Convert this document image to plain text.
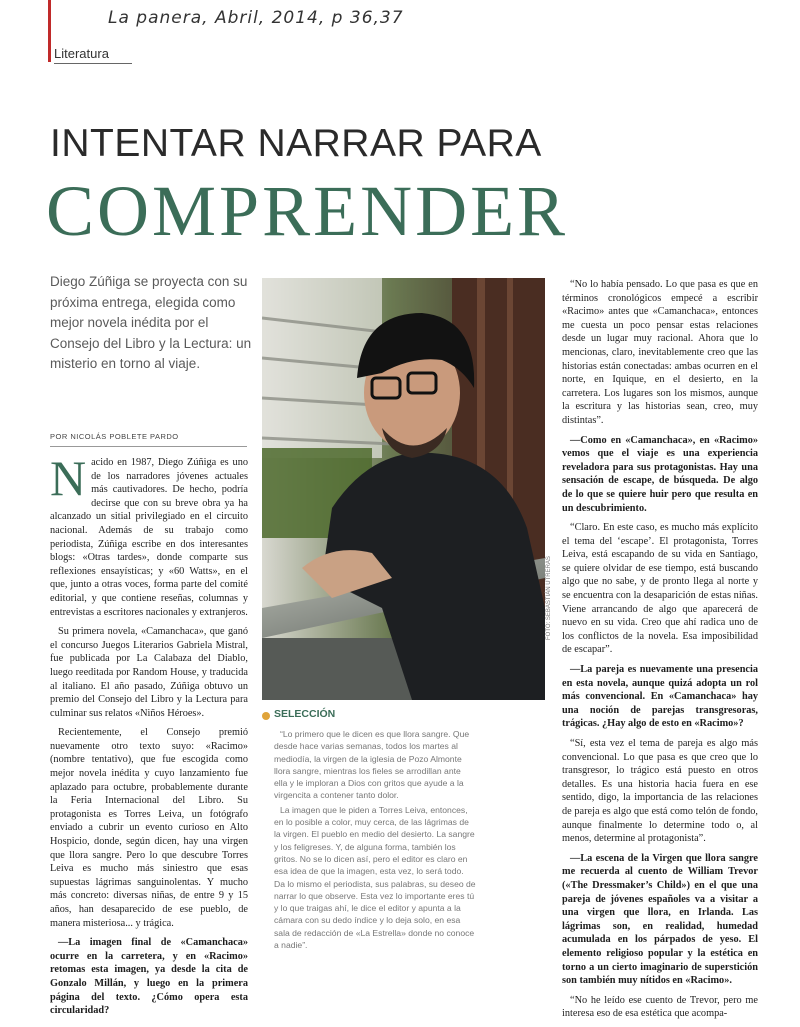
La panera, Abril, 2014, p 36,37
Literatura
INTENTAR NARRAR PARA
COMPRENDER
Diego Zúñiga se proyecta con su próxima entrega, elegida como mejor novela inédita por el Consejo del Libro y la Lectura: un misterio en torno al viaje.
POR NICOLÁS POBLETE PARDO
N acido en 1987, Diego Zúñiga es uno de los narradores jóvenes actuales más cautivadores. De hecho, podría decirse que con su breve obra ya ha alcanzado un sitial privilegiado en el circuito nacional. Además de su trabajo como periodista, Zúñiga escribe en dos interesantes blogs: «Otras tardes», donde comparte sus reflexiones ensayísticas; y «60 Watts», en el que, junto a otras voces, forma parte del comité editorial, y que contiene reseñas, columnas y entrevistas a escritores nacionales y extranjeros.

Su primera novela, «Camanchaca», que ganó el concurso Juegos Literarios Gabriela Mistral, fue publicada por La Calabaza del Diablo, luego reeditada por Random House, y traducida al italiano. El año pasado, Zúñiga obtuvo un premio del Consejo del Libro y la Lectura para culminar sus relatos «Niños Héroes».

Recientemente, el Consejo premió nuevamente otro texto suyo: «Racimo» (nombre tentativo), que fue escogida como mejor novela inédita y cuyo lanzamiento fue aplazado para octubre, probablemente durante la Feria Internacional del Libro. Su protagonista es Torres Leiva, un fotógrafo enviado a cubrir un evento curioso en Alto Hospicio, donde, según dicen, hay una virgen que llora sangre. Pero lo que descubre Torres Leiva es mucho más siniestro que esas supuestas lágrimas sanguinolentas. Y mucho más concreto: diversas niñas, de entre 9 y 15 años, han desaparecido de ese pueblo, de manera misteriosa... y trágica.

—La imagen final de «Camanchaca» ocurre en la carretera, y en «Racimo» retomas esta imagen, ya desde la cita de Gonzalo Millán, y luego en la primera página del texto. ¿Cómo opera esta circularidad?

FOTO: SEBASTIÁN UTRERAS
SELECCIÓN

“Lo primero que le dicen es que llora sangre. Que desde hace varias semanas, todos los martes al mediodía, la virgen de la iglesia de Pozo Almonte llora sangre, mientras los fieles se arrodillan ante ella y le imploran a Dios con gritos que ayude a la virgencita a contener tanto dolor.

La imagen que le piden a Torres Leiva, entonces, en lo posible a color, muy cerca, de las lágrimas de la virgen. El pueblo en medio del desierto. La sangre y los feligreses. Y, de alguna forma, también los gritos. No se lo dicen así, pero el editor es claro en esa idea de que la imagen, esta vez, lo será todo. Da lo mismo el periodista, sus palabras, su deseo de narrar lo que observe. Esta vez lo importante eres tú y lo que traigas ahí, le dice el editor y apunta a la cámara con su dedo índice y lo deja solo, en esa sala de redacción de «La Estrella» donde no conoce a nadie”.

“No lo había pensado. Lo que pasa es que en términos cronológicos empecé a escribir «Racimo» antes que «Camanchaca», entonces me cuesta un poco pensar estas relaciones desde un lugar muy racional. Ahora que lo mencionas, claro, inevitablemente creo que las historias están conectadas: ambas ocurren en el norte, en Iquique, en el desierto, en la carretera. Los lugares son los mismos, aunque la escritura y las historias sean, creo, muy distintas”.

—Como en «Camanchaca», en «Racimo» vemos que el viaje es una experiencia reveladora para sus protagonistas. Hay una sensación de escape, de búsqueda. De algo de lo que se quiere huir pero que resulta en un descubrimiento.

“Claro. En este caso, es mucho más explícito el tema del ‘escape’. El protagonista, Torres Leiva, está escapando de su vida en Santiago, se quiere olvidar de ese tiempo, está buscando algo que no sabe, y de pronto llega al norte y se encuentra con la desaparición de estas niñas. Viene arrancando de algo que aparecerá de nuevo en su vida. Creo que ahí radica uno de los conflictos de la novela. Esa imposibilidad de escapar”.

—La pareja es nuevamente una presencia en esta novela, aunque quizá adopta un rol más convencional. En «Camanchaca» hay una noción de parejas transgresoras, trágicas. ¿Hay algo de esto en «Racimo»?

“Sí, esta vez el tema de pareja es algo más convencional. Lo que pasa es que creo que lo transgresor, lo trágico está puesto en otros detalles. Es una historia hacia fuera en ese sentido, digo, la importancia de las relaciones de pareja es algo que está como telón de fondo, aunque finalmente lo determine todo o, al menos, determine al protagonista”.

—La escena de la Virgen que llora sangre me recuerda al cuento de William Trevor («The Dressmaker’s Child») en el que una pareja de jóvenes españoles va a visitar a una virgen que llora, en Irlanda. Las lágrimas son, en realidad, humedad acumulada en los párpados de yeso. El elemento religioso popular y la estética en torno a un cierto imaginario de superstición son también muy nítidos en «Racimo».

“No he leído ese cuento de Trevor, pero me interesa eso de esa estética que acompa-
